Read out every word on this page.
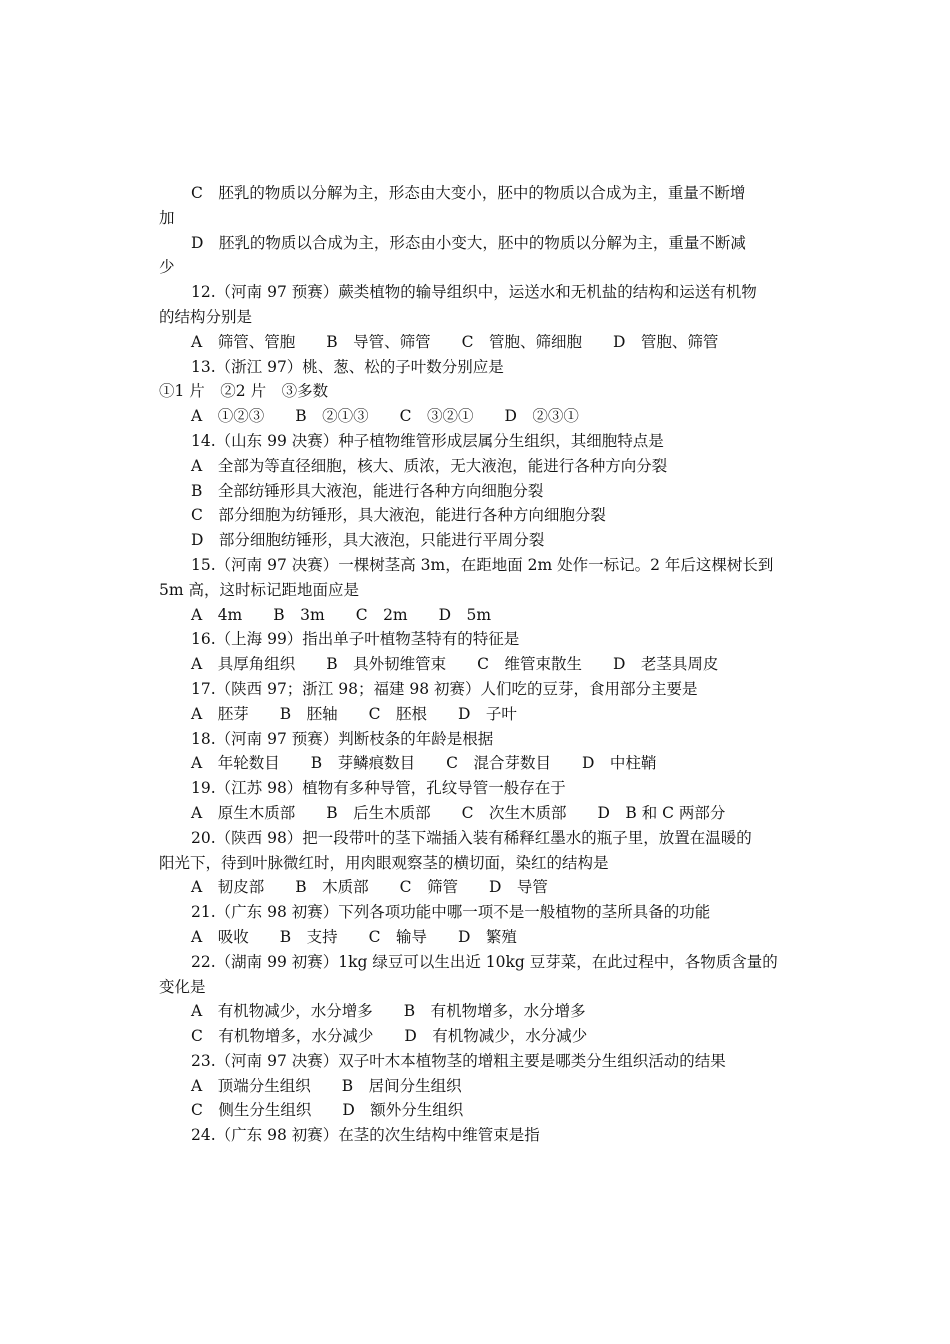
C　胚乳的物质以分解为主，形态由大变小，胚中的物质以合成为主，重量不断增
加
D　胚乳的物质以合成为主，形态由小变大，胚中的物质以分解为主，重量不断减
少
12.（河南 97 预赛）蕨类植物的输导组织中，运送水和无机盐的结构和运送有机物
的结构分别是
A　筛管、管胞　　B　导管、筛管　　C　管胞、筛细胞　　D　管胞、筛管
13.（浙江 97）桃、葱、松的子叶数分别应是
①1 片　②2 片　③多数
A　①②③　　B　②①③　　C　③②①　　D　②③①
14.（山东 99 决赛）种子植物维管形成层属分生组织，其细胞特点是
A　全部为等直径细胞，核大、质浓，无大液泡，能进行各种方向分裂
B　全部纺锤形具大液泡，能进行各种方向细胞分裂
C　部分细胞为纺锤形，具大液泡，能进行各种方向细胞分裂
D　部分细胞纺锤形，具大液泡，只能进行平周分裂
15.（河南 97 决赛）一棵树茎高 3m，在距地面 2m 处作一标记。2 年后这棵树长到
5m 高，这时标记距地面应是
A　4m　　B　3m　　C　2m　　D　5m
16.（上海 99）指出单子叶植物茎特有的特征是
A　具厚角组织　　B　具外韧维管束　　C　维管束散生　　D　老茎具周皮
17.（陕西 97；浙江 98；福建 98 初赛）人们吃的豆芽，食用部分主要是
A　胚芽　　B　胚轴　　C　胚根　　D　子叶
18.（河南 97 预赛）判断枝条的年龄是根据
A　年轮数目　　B　芽鳞痕数目　　C　混合芽数目　　D　中柱鞘
19.（江苏 98）植物有多种导管，孔纹导管一般存在于
A　原生木质部　　B　后生木质部　　C　次生木质部　　D　B 和 C 两部分
20.（陕西 98）把一段带叶的茎下端插入装有稀释红墨水的瓶子里，放置在温暖的
阳光下，待到叶脉微红时，用肉眼观察茎的横切面，染红的结构是
A　韧皮部　　B　木质部　　C　筛管　　D　导管
21.（广东 98 初赛）下列各项功能中哪一项不是一般植物的茎所具备的功能
A　吸收　　B　支持　　C　输导　　D　繁殖
22.（湖南 99 初赛）1kg 绿豆可以生出近 10kg 豆芽菜，在此过程中，各物质含量的
变化是
A　有机物减少，水分增多　　B　有机物增多，水分增多
C　有机物增多，水分减少　　D　有机物减少，水分减少
23.（河南 97 决赛）双子叶木本植物茎的增粗主要是哪类分生组织活动的结果
A　顶端分生组织　　B　居间分生组织
C　侧生分生组织　　D　额外分生组织
24.（广东 98 初赛）在茎的次生结构中维管束是指
